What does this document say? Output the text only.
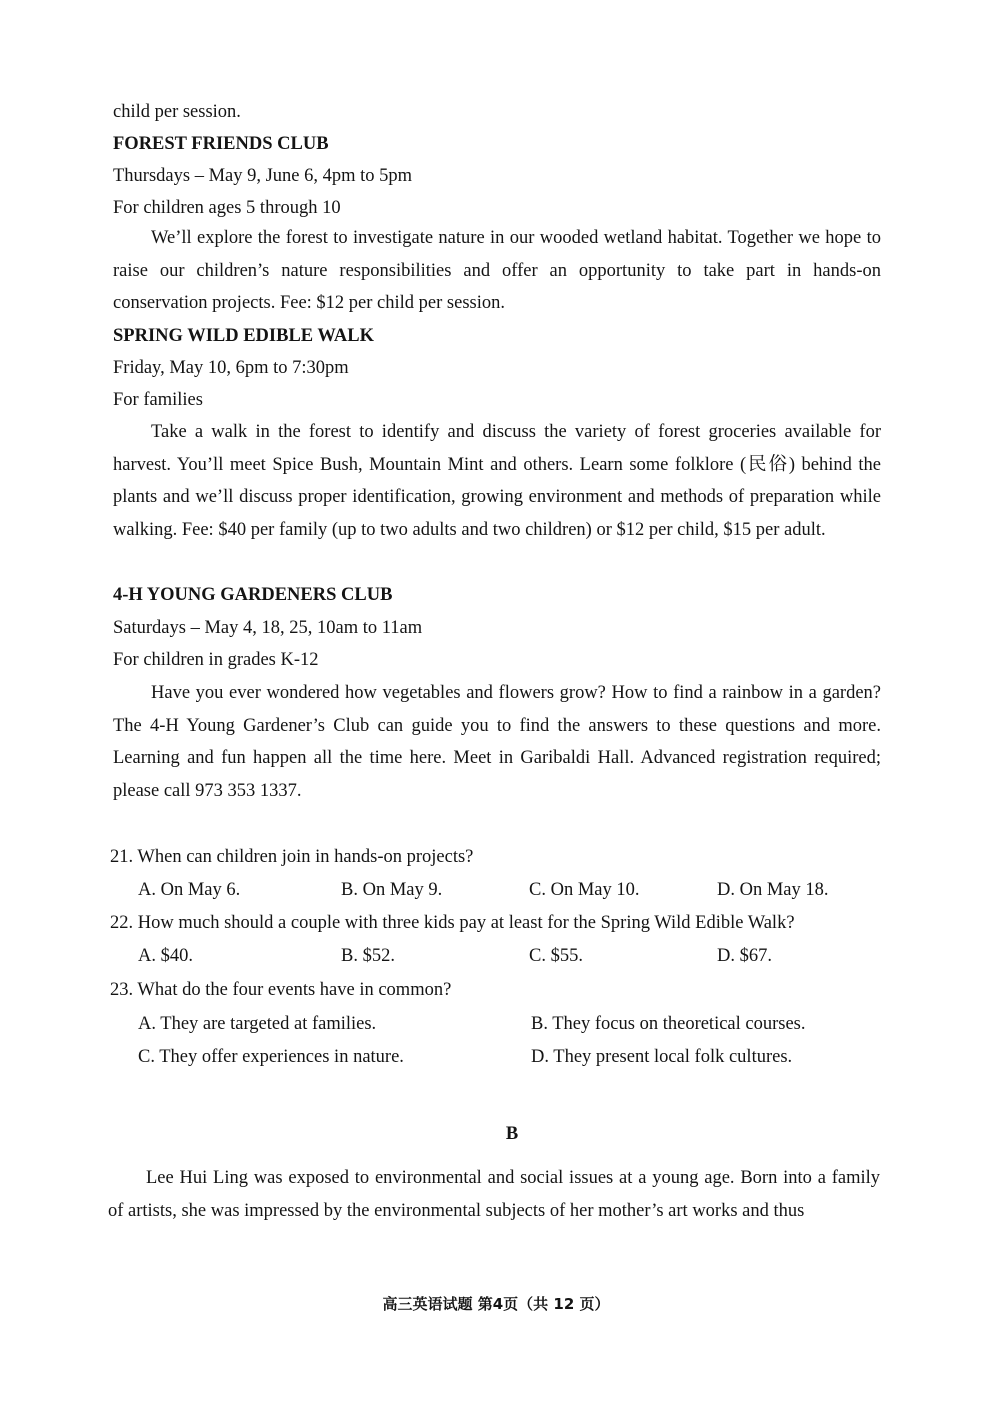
child per session.
FOREST FRIENDS CLUB
Thursdays – May 9, June 6, 4pm to 5pm
For children ages 5 through 10
We’ll explore the forest to investigate nature in our wooded wetland habitat. Together we hope to raise our children’s nature responsibilities and offer an opportunity to take part in hands-on conservation projects. Fee: $12 per child per session.
SPRING WILD EDIBLE WALK
Friday, May 10, 6pm to 7:30pm
For families
Take a walk in the forest to identify and discuss the variety of forest groceries available for harvest. You’ll meet Spice Bush, Mountain Mint and others. Learn some folklore (民俗) behind the plants and we’ll discuss proper identification, growing environment and methods of preparation while walking. Fee: $40 per family (up to two adults and two children) or $12 per child, $15 per adult.
4-H YOUNG GARDENERS CLUB
Saturdays – May 4, 18, 25, 10am to 11am
For children in grades K-12
Have you ever wondered how vegetables and flowers grow? How to find a rainbow in a garden? The 4-H Young Gardener’s Club can guide you to find the answers to these questions and more. Learning and fun happen all the time here. Meet in Garibaldi Hall. Advanced registration required; please call 973 353 1337.
21. When can children join in hands-on projects?
A. On May 6.	B. On May 9.	C. On May 10.	D. On May 18.
22. How much should a couple with three kids pay at least for the Spring Wild Edible Walk?
A. $40.	B. $52.	C. $55.	D. $67.
23. What do the four events have in common?
A. They are targeted at families.	B. They focus on theoretical courses.
C. They offer experiences in nature.	D. They present local folk cultures.
B
Lee Hui Ling was exposed to environmental and social issues at a young age. Born into a family of artists, she was impressed by the environmental subjects of her mother’s art works and thus
高三英语试题 第4页（共 12 页）
